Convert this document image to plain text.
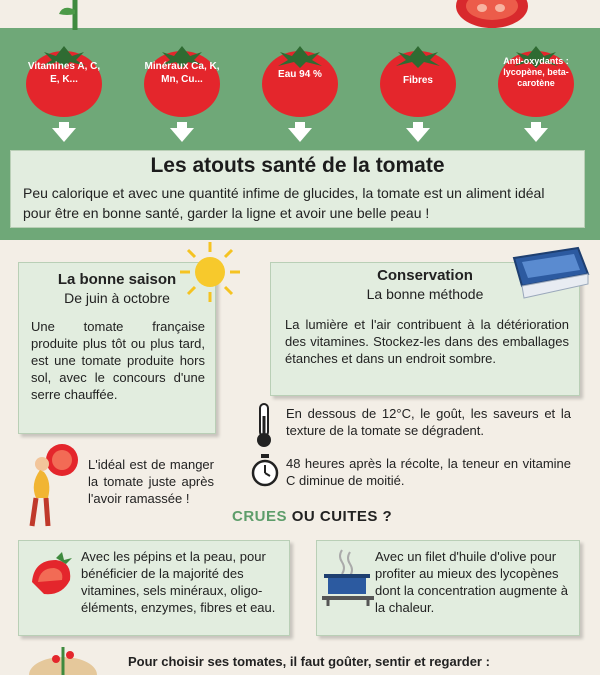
Vitamines A, C, E, K...
Minéraux Ca, K, Mn, Cu...	Eau 94 %
Fibres
Anti-oxydants : lycopène, beta-carotène
Les atouts santé de la tomate

Peu calorique et avec une quantité infime de glucides, la tomate est un aliment idéal pour être en bonne santé, garder la ligne et avoir une belle peau !

La bonne saison
De juin à octobre

Une tomate française produite plus tôt ou plus tard, est une tomate produite hors sol, avec le concours d'une serre chauffée.

Conservation
La bonne méthode

La lumière et l'air contribuent à la détérioration des vitamines. Stockez-les dans des emballages étanches et dans un endroit sombre.

En dessous de 12°C, le goût, les saveurs et la texture de la tomate se dégradent.
48 heures après la récolte, la teneur en vitamine C diminue de moitié.
L'idéal est de manger la tomate juste après l'avoir ramassée !
CRUES OU CUITES ?

Avec les pépins et la peau, pour bénéficier de la majorité des vitamines, sels minéraux, oligo-éléments, enzymes, fibres et eau.

Avec un filet d'huile d'olive pour profiter au mieux des lycopènes dont la concentration augmente à la chaleur.

Pour choisir ses tomates, il faut goûter, sentir et regarder :
